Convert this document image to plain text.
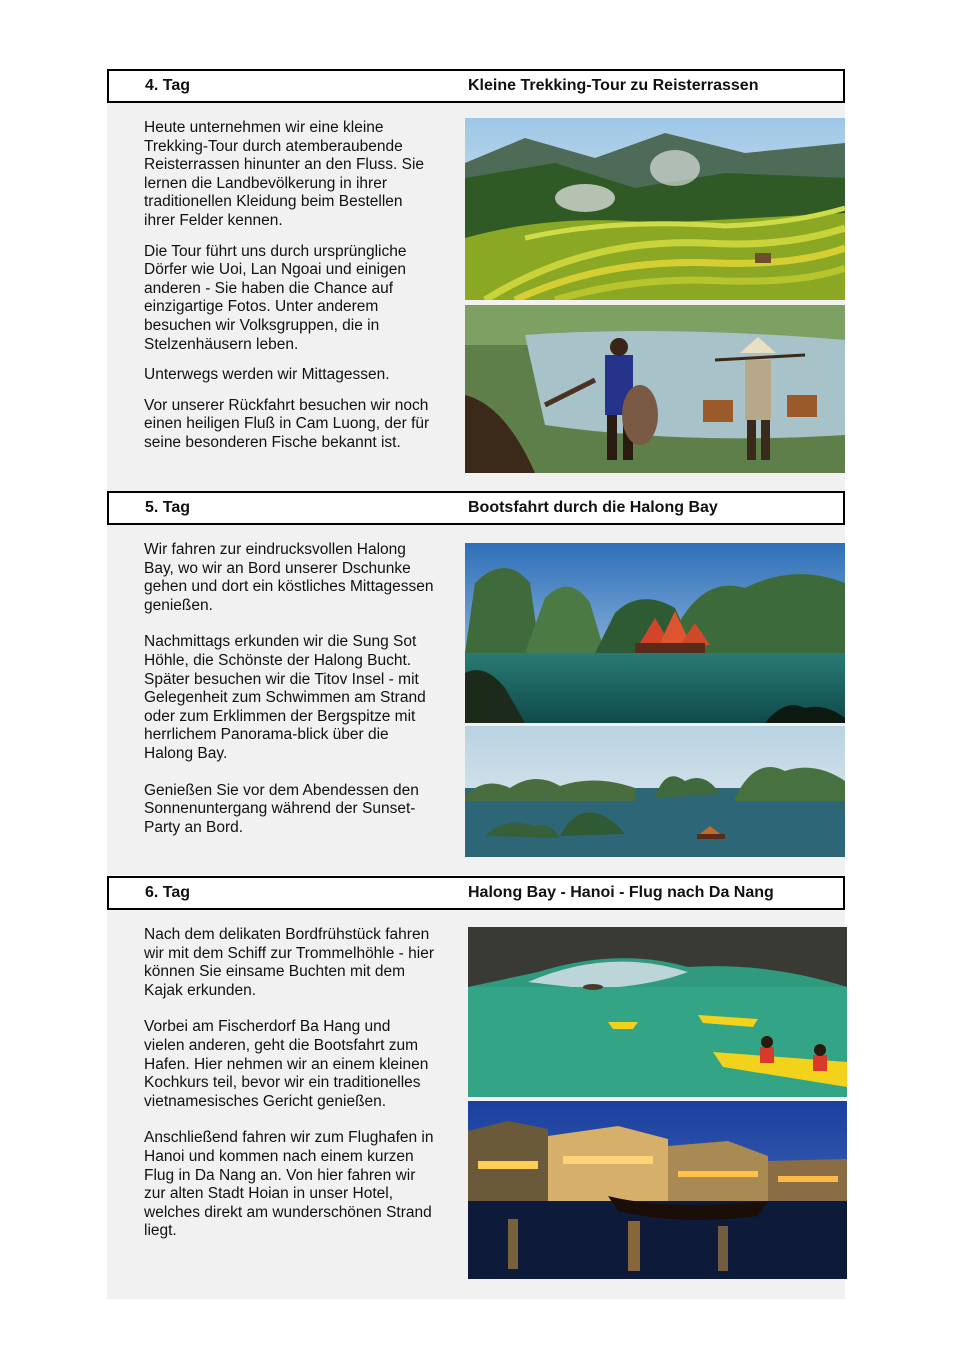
4. Tag	Kleine Trekking-Tour zu Reisterrassen

Heute unternehmen wir eine kleine Trekking-Tour durch atemberaubende Reisterrassen hinunter an den Fluss. Sie lernen die Landbevölkerung in ihrer traditionellen Kleidung beim Bestellen ihrer Felder kennen.

Die Tour führt uns durch ursprüngliche Dörfer wie Uoi, Lan Ngoai und einigen anderen - Sie haben die Chance auf einzigartige Fotos. Unter anderem besuchen wir Volksgruppen, die in Stelzenhäusern leben.

Unterwegs werden wir Mittagessen.

Vor unserer Rückfahrt besuchen wir noch einen heiligen Fluß in Cam Luong, der für seine besonderen Fische bekannt ist.

5. Tag	Bootsfahrt durch die Halong Bay

Wir fahren zur eindrucksvollen Halong Bay, wo wir an Bord unserer Dschunke gehen und dort ein köstliches Mittagessen genießen.

Nachmittags erkunden wir die Sung Sot Höhle, die Schönste der Halong Bucht. Später besuchen wir die Titov Insel - mit Gelegenheit zum Schwimmen am Strand oder zum Erklimmen der Bergspitze mit herrlichem Panorama-blick über die Halong Bay.

Genießen Sie vor dem Abendessen den Sonnenuntergang während der Sunset-Party an Bord.

6. Tag	Halong Bay - Hanoi - Flug nach Da Nang

Nach dem delikaten Bordfrühstück fahren wir mit dem Schiff zur Trommelhöhle - hier können Sie einsame Buchten mit dem Kajak erkunden.

Vorbei am Fischerdorf Ba Hang und vielen anderen, geht die Bootsfahrt zum Hafen. Hier nehmen wir an einem kleinen Kochkurs teil, bevor wir ein traditionelles vietnamesisches Gericht genießen.

Anschließend fahren wir zum Flughafen in Hanoi und kommen nach einem kurzen Flug in Da Nang an. Von hier fahren wir zur alten Stadt Hoian in unser Hotel, welches direkt am wunderschönen Strand liegt.
